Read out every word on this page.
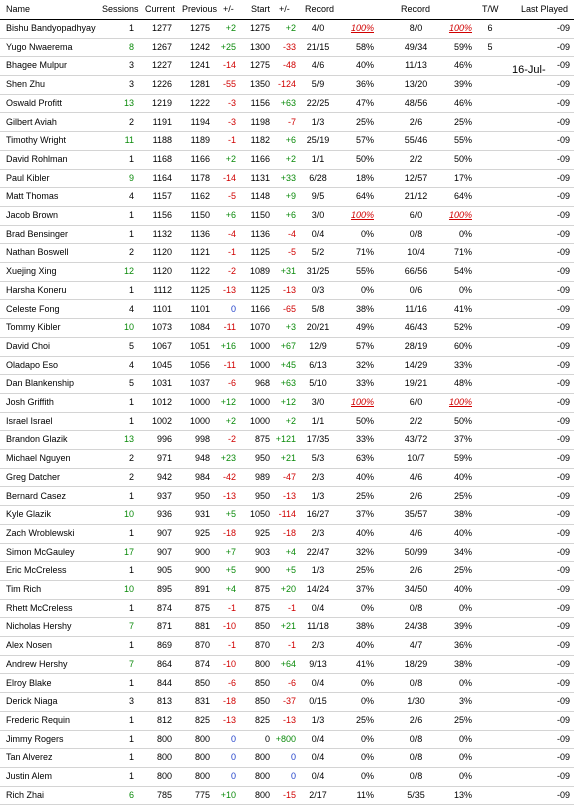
Name	Sessions Current Previous +/- Start +/- Record	Record	T/W	Last Played
Bishu Bandyopadhyay	1	1277	1275	+2	1275	+2	4/0	100%	8/0	100%	6	-09
Yugo Nwaerema	8	1267	1242	+25	1300	-33	21/15	58%	49/34	59%	5	-09
Bhagee Mulpur	3	1227	1241	-14	1275	-48	4/6	40%	11/13	46%	-09
Shen Zhu	3	1226	1281	-55	1350 -124	5/9	36%	13/20	39%	-09
Oswald Profitt	13	1219	1222	-3	1156	+63	22/25	47%	48/56	46%	-09
Gilbert Aviah	2	1191	1194	-3	1198	-7	1/3	25%	2/6	25%	-09
Timothy Wright	11	1188	1189	-1	1182	+6	25/19	57%	55/46	55%	-09
David Rohlman	1	1168	1166	+2	1166	+2	1/1	50%	2/2	50%	-09
Paul Kibler	9	1164	1178	-14	1131	+33	6/28	18%	12/57	17%	-09
Matt Thomas	4	1157	1162	-5	1148	+9	9/5	64%	21/12	64%	-09
Jacob Brown	1	1156	1150	+6	1150	+6	3/0	100%	6/0	100%	-09
Brad Bensinger	1	1132	1136	-4	1136	-4	0/4	0%	0/8	0%	-09
Nathan Boswell	2	1120	1121	-1	1125	-5	5/2	71%	10/4	71%	-09
Xuejing Xing	12	1120	1122	-2	1089	+31	31/25	55%	66/56	54%	-09
Harsha Koneru	1	1112	1125	-13	1125	-13	0/3	0%	0/6	0%	-09
Celeste Fong	4	1101	1101	0	1166	-65	5/8	38%	11/16	41%	-09
Tommy Kibler	10	1073	1084	-11	1070	+3	20/21	49%	46/43	52%	-09
David Choi	5	1067	1051	+16	1000	+67	12/9	57%	28/19	60%	-09
Oladapo Eso	4	1045	1056	-11	1000	+45	6/13	32%	14/29	33%	-09
Dan Blankenship	5	1031	1037	-6	968	+63	5/10	33%	19/21	48%	-09
Josh Griffith	1	1012	1000	+12	1000	+12	3/0	100%	6/0	100%	-09
Israel Israel	1	1002	1000	+2	1000	+2	1/1	50%	2/2	50%	-09
Brandon Glazik	13	996	998	-2	875 +121	17/35	33%	43/72	37%	-09
Michael Nguyen	2	971	948	+23	950	+21	5/3	63%	10/7	59%	-09
Greg Datcher	2	942	984	-42	989	-47	2/3	40%	4/6	40%	-09
Bernard Casez	1	937	950	-13	950	-13	1/3	25%	2/6	25%	-09
Kyle Glazik	10	936	931	+5	1050 -114	16/27	37%	35/57	38%	-09
Zach Wroblewski	1	907	925	-18	925	-18	2/3	40%	4/6	40%	-09
Simon McGauley	17	907	900	+7	903	+4	22/47	32%	50/99	34%	-09
Eric McCreless	1	905	900	+5	900	+5	1/3	25%	2/6	25%	-09
Tim Rich	10	895	891	+4	875	+20	14/24	37%	34/50	40%	-09
Rhett McCreless	1	874	875	-1	875	-1	0/4	0%	0/8	0%	-09
Nicholas Hershy	7	871	881	-10	850	+21	11/18	38%	24/38	39%	-09
Alex Nosen	1	869	870	-1	870	-1	2/3	40%	4/7	36%	-09
Andrew Hershy	7	864	874	-10	800	+64	9/13	41%	18/29	38%	-09
Elroy Blake	1	844	850	-6	850	-6	0/4	0%	0/8	0%	-09
Derick Niaga	3	813	831	-18	850	-37	0/15	0%	1/30	3%	-09
Frederic Requin	1	812	825	-13	825	-13	1/3	25%	2/6	25%	-09
Jimmy Rogers	1	800	800	0	0 +800	0/4	0%	0/8	0%	-09
Tan Alverez	1	800	800	0	800	0	0/4	0%	0/8	0%	-09
Justin Alem	1	800	800	0	800	0	0/4	0%	0/8	0%	-09
Rich Zhai	6	785	775	+10	800	-15	2/17	11%	5/35	13%	-09
16-Jul-
